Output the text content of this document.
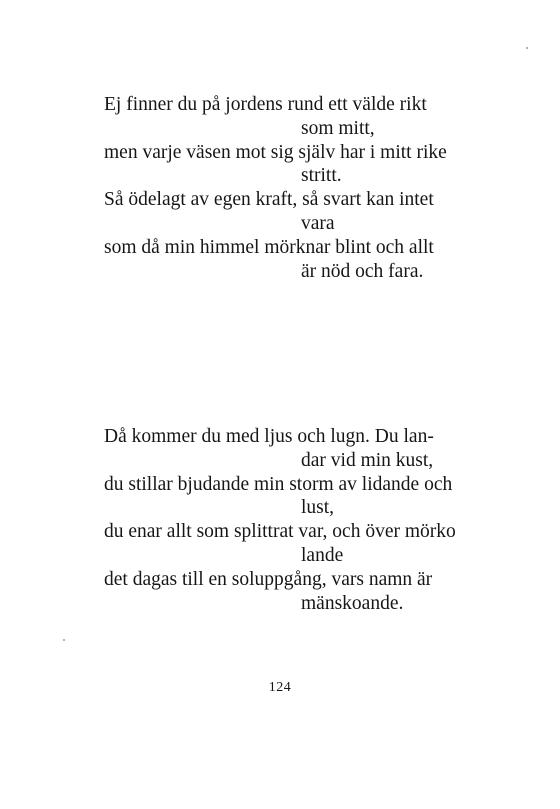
Ej finner du på jordens rund ett välde rikt
som mitt,
men varje väsen mot sig själv har i mitt rike
stritt.
Så ödelagt av egen kraft, så svart kan intet
vara
som då min himmel mörknar blint och allt
är nöd och fara.
Då kommer du med ljus och lugn. Du lan-
dar vid min kust,
du stillar bjudande min storm av lidande och
lust,
du enar allt som splittrat var, och över mörko
lande
det dagas till en soluppgång, vars namn är
mänskoande.
124
